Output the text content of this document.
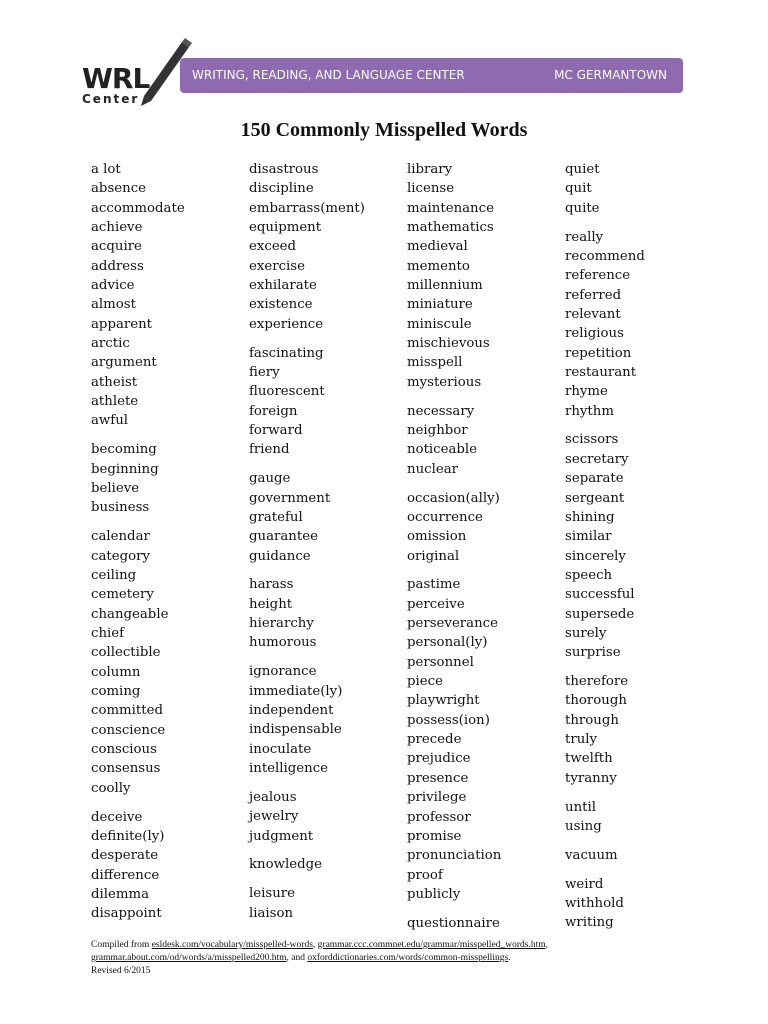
WRL
Center
WRITING, READING, AND LANGUAGE CENTER	MC GERMANTOWN
150 Commonly Misspelled Words
a lot
absence
accommodate
achieve
acquire
address
advice
almost
apparent
arctic
argument
atheist
athlete
awful
becoming
beginning
believe
business
calendar
category
ceiling
cemetery
changeable
chief
collectible
column
coming
committed
conscience
conscious
consensus
coolly
deceive
definite(ly)
desperate
difference
dilemma
disappoint
disastrous
discipline
embarrass(ment)
equipment
exceed
exercise
exhilarate
existence
experience
fascinating
fiery
fluorescent
foreign
forward
friend
gauge
government
grateful
guarantee
guidance
harass
height
hierarchy
humorous
ignorance
immediate(ly)
independent
indispensable
inoculate
intelligence
jealous
jewelry
judgment
knowledge
leisure
liaison
library
license
maintenance
mathematics
medieval
memento
millennium
miniature
miniscule
mischievous
misspell
mysterious
necessary
neighbor
noticeable
nuclear
occasion(ally)
occurrence
omission
original
pastime
perceive
perseverance
personal(ly)
personnel
piece
playwright
possess(ion)
precede
prejudice
presence
privilege
professor
promise
pronunciation
proof
publicly
questionnaire
quiet
quit
quite
really
recommend
reference
referred
relevant
religious
repetition
restaurant
rhyme
rhythm
scissors
secretary
separate
sergeant
shining
similar
sincerely
speech
successful
supersede
surely
surprise
therefore
thorough
through
truly
twelfth
tyranny
until
using
vacuum
weird
withhold
writing
Compiled from esldesk.com/vocabulary/misspelled-words, grammar.ccc.commnet.edu/grammar/misspelled_words.htm,
grammar.about.com/od/words/a/misspelled200.htm, and oxforddictionaries.com/words/common-misspellings.
Revised 6/2015
